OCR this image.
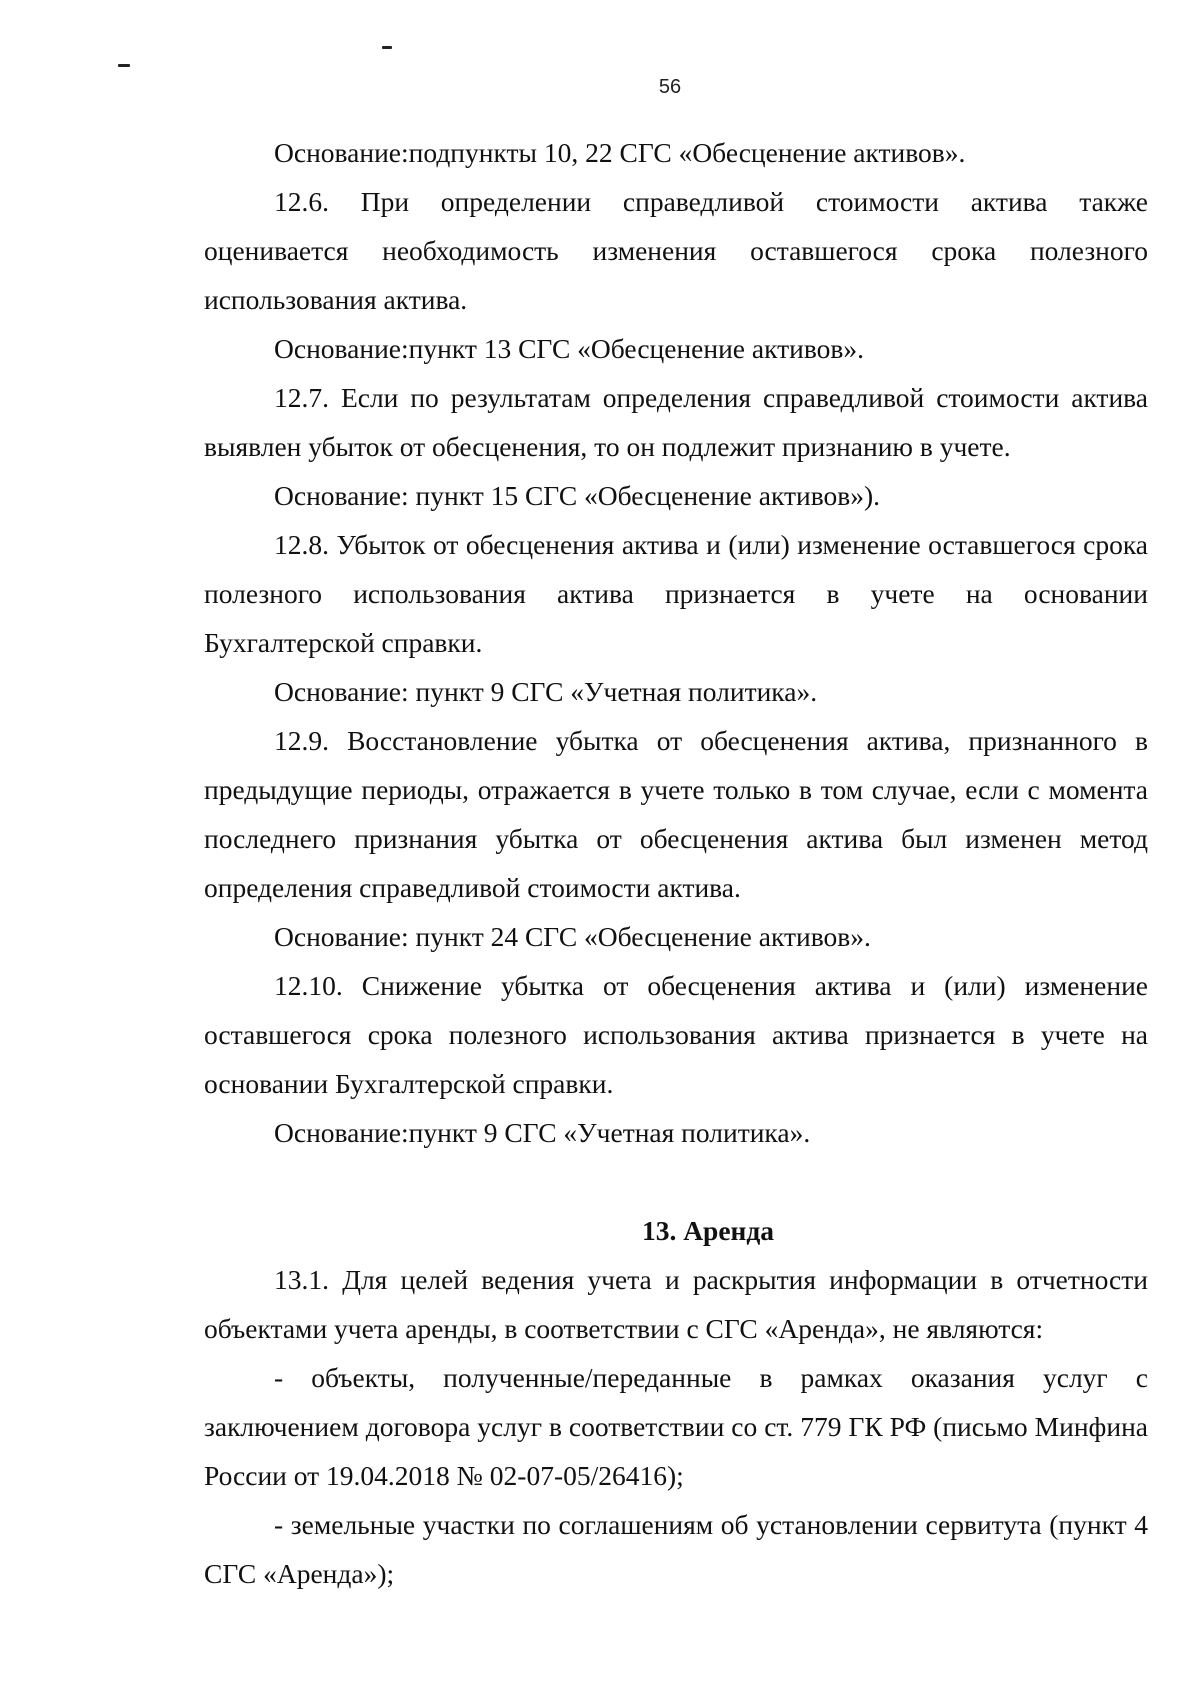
56

Основание:подпункты 10, 22 СГС «Обесценение активов».

12.6. При определении справедливой стоимости актива также оценивается необходимость изменения оставшегося срока полезного использования актива.

Основание:пункт 13 СГС «Обесценение активов».

12.7. Если по результатам определения справедливой стоимости актива выявлен убыток от обесценения, то он подлежит признанию в учете.

Основание: пункт 15 СГС «Обесценение активов»).

12.8. Убыток от обесценения актива и (или) изменение оставшегося срока полезного использования актива признается в учете на основании Бухгалтерской справки.

Основание: пункт 9 СГС «Учетная политика».

12.9. Восстановление убытка от обесценения актива, признанного в предыдущие периоды, отражается в учете только в том случае, если с момента последнего признания убытка от обесценения актива был изменен метод определения справедливой стоимости актива.

Основание: пункт 24 СГС «Обесценение активов».

12.10. Снижение убытка от обесценения актива и (или) изменение оставшегося срока полезного использования актива признается в учете на основании Бухгалтерской справки.

Основание:пункт 9 СГС «Учетная политика».

13. Аренда

13.1. Для целей ведения учета и раскрытия информации в отчетности объектами учета аренды, в соответствии с СГС «Аренда», не являются:

- объекты, полученные/переданные в рамках оказания услуг с заключением договора услуг в соответствии со ст. 779 ГК РФ (письмо Минфина России от 19.04.2018 № 02-07-05/26416);

- земельные участки по соглашениям об установлении сервитута (пункт 4 СГС «Аренда»);
